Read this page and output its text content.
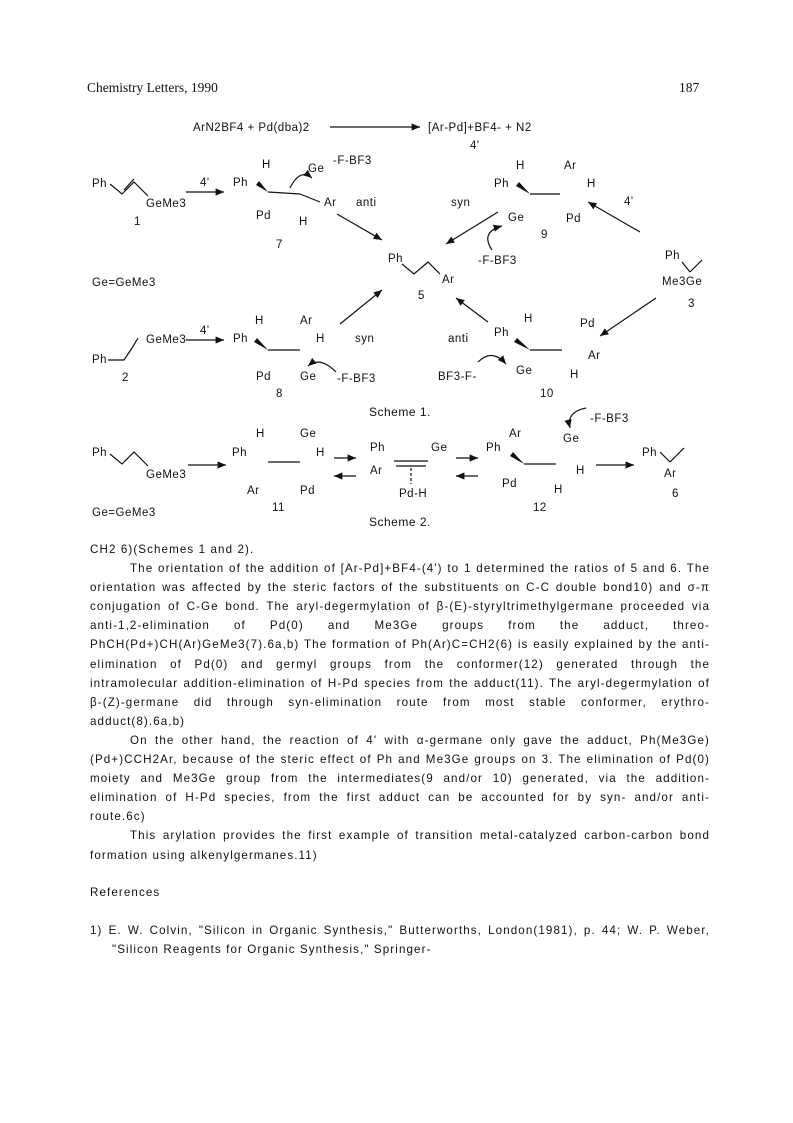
Chemistry Letters, 1990	187
ArN2BF4 + Pd(dba)2	[Ar-Pd]+BF4- + N2
4'
Ph
GeMe3
1
4' Ph
H	Ge
-F-BF3
Ar
Pd H
anti
7
syn
H	Ar
Ph	H
Ge	Pd
9
-F-BF3
4'
Ph
Ar
5
Ph
Me3Ge
3
Ge=GeMe3
GeMe3
Ph
2
4'
H	Ar
Ph	H
Pd	Ge -F-BF3
8
syn	anti
H	Pd
Ph
Ar
Ge	H
BF3-F-
10
Scheme 1.
Ph
GeMe3
Ge=GeMe3
H	Ge
Ph	H
Ar	Pd
11
Ph	Ge
Ar
Pd-H
Ar	Ge
-F-BF3
Ph
H
Pd	H
12
Ph
Ar
6
Scheme 2.

CH2 6)(Schemes 1 and 2).

The orientation of the addition of [Ar-Pd]+BF4-(4') to 1 determined the ratios of 5 and 6. The orientation was affected by the steric factors of the substituents on C-C double bond10) and σ-π conjugation of C-Ge bond. The aryl-degermylation of β-(E)-styryltrimethylgermane proceeded via anti-1,2-elimination of Pd(0) and Me3Ge groups from the adduct, threo-PhCH(Pd+)CH(Ar)GeMe3(7).6a,b) The formation of Ph(Ar)C=CH2(6) is easily explained by the anti-elimination of Pd(0) and germyl groups from the conformer(12) generated through the intramolecular addition-elimination of H-Pd species from the adduct(11). The aryl-degermylation of β-(Z)-germane did through syn-elimination route from most stable conformer, erythro-adduct(8).6a,b)

On the other hand, the reaction of 4' with α-germane only gave the adduct, Ph(Me3Ge)(Pd+)CCH2Ar, because of the steric effect of Ph and Me3Ge groups on 3. The elimination of Pd(0) moiety and Me3Ge group from the intermediates(9 and/or 10) generated, via the addition-elimination of H-Pd species, from the first adduct can be accounted for by syn- and/or anti-route.6c)

This arylation provides the first example of transition metal-catalyzed carbon-carbon bond formation using alkenylgermanes.11)

References

1) E. W. Colvin, "Silicon in Organic Synthesis," Butterworths, London(1981), p. 44; W. P. Weber, "Silicon Reagents for Organic Synthesis," Springer-
